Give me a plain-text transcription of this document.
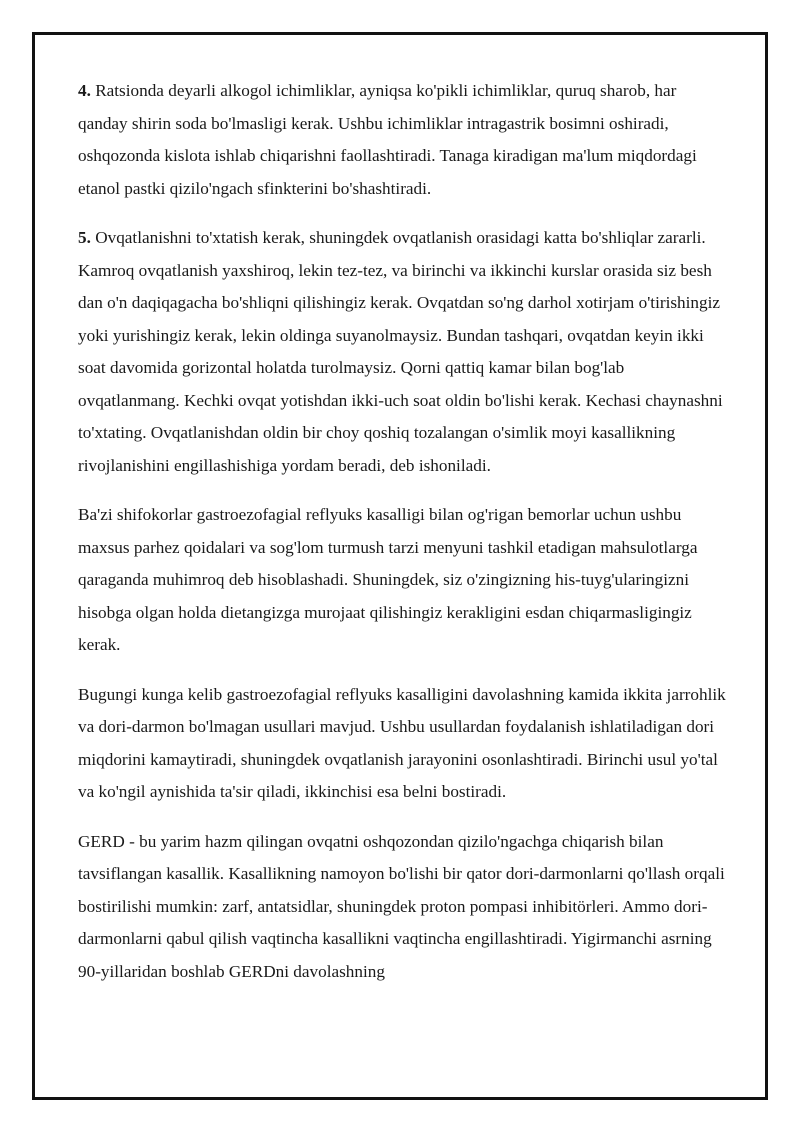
4. Ratsionda deyarli alkogol ichimliklar, ayniqsa ko'pikli ichimliklar, quruq sharob, har qanday shirin soda bo'lmasligi kerak. Ushbu ichimliklar intragastrik bosimni oshiradi, oshqozonda kislota ishlab chiqarishni faollashtiradi. Tanaga kiradigan ma'lum miqdordagi etanol pastki qizilo'ngach sfinkterini bo'shashtiradi.

5. Ovqatlanishni to'xtatish kerak, shuningdek ovqatlanish orasidagi katta bo'shliqlar zararli. Kamroq ovqatlanish yaxshiroq, lekin tez-tez, va birinchi va ikkinchi kurslar orasida siz besh dan o'n daqiqagacha bo'shliqni qilishingiz kerak. Ovqatdan so'ng darhol xotirjam o'tirishingiz yoki yurishingiz kerak, lekin oldinga suyanolmaysiz. Bundan tashqari, ovqatdan keyin ikki soat davomida gorizontal holatda turolmaysiz. Qorni qattiq kamar bilan bog'lab ovqatlanmang. Kechki ovqat yotishdan ikki-uch soat oldin bo'lishi kerak. Kechasi chaynashni to'xtating. Ovqatlanishdan oldin bir choy qoshiq tozalangan o'simlik moyi kasallikning rivojlanishini engillashishiga yordam beradi, deb ishoniladi.

Ba'zi shifokorlar gastroezofagial reflyuks kasalligi bilan og'rigan bemorlar uchun ushbu maxsus parhez qoidalari va sog'lom turmush tarzi menyuni tashkil etadigan mahsulotlarga qaraganda muhimroq deb hisoblashadi. Shuningdek, siz o'zingizning his-tuyg'ularingizni hisobga olgan holda dietangizga murojaat qilishingiz kerakligini esdan chiqarmasligingiz kerak.

Bugungi kunga kelib gastroezofagial reflyuks kasalligini davolashning kamida ikkita jarrohlik va dori-darmon bo'lmagan usullari mavjud. Ushbu usullardan foydalanish ishlatiladigan dori miqdorini kamaytiradi, shuningdek ovqatlanish jarayonini osonlashtiradi. Birinchi usul yo'tal va ko'ngil aynishida ta'sir qiladi, ikkinchisi esa belni bostiradi.

GERD - bu yarim hazm qilingan ovqatni oshqozondan qizilo'ngachga chiqarish bilan tavsiflangan kasallik. Kasallikning namoyon bo'lishi bir qator dori-darmonlarni qo'llash orqali bostirilishi mumkin: zarf, antatsidlar, shuningdek proton pompasi inhibitörleri. Ammo dori-darmonlarni qabul qilish vaqtincha kasallikni vaqtincha engillashtiradi. Yigirmanchi asrning 90-yillaridan boshlab GERDni davolashning
